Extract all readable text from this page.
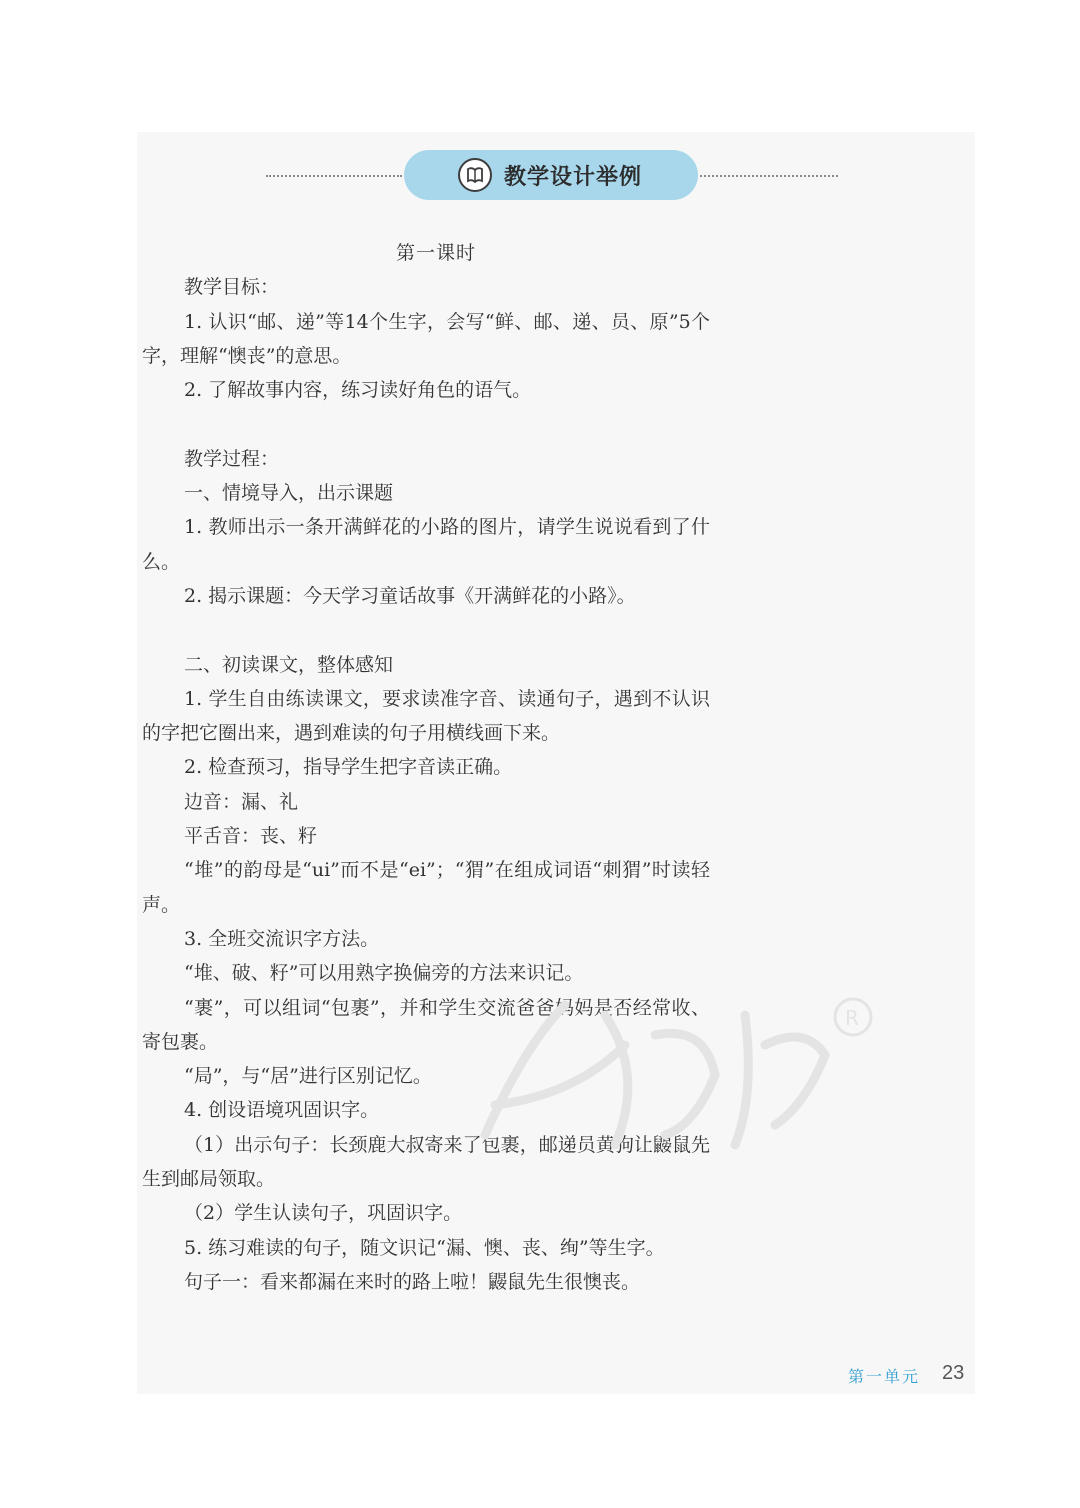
教学设计举例
第一课时

教学目标：

1. 认识“邮、递”等14个生字，会写“鲜、邮、递、员、原”5个字，理解“懊丧”的意思。

2. 了解故事内容，练习读好角色的语气。

教学过程：

一、情境导入，出示课题

1. 教师出示一条开满鲜花的小路的图片，请学生说说看到了什么。

2. 揭示课题：今天学习童话故事《开满鲜花的小路》。

二、初读课文，整体感知

1. 学生自由练读课文，要求读准字音、读通句子，遇到不认识的字把它圈出来，遇到难读的句子用横线画下来。

2. 检查预习，指导学生把字音读正确。

边音：漏、礼

平舌音：丧、籽

“堆”的韵母是“ui”而不是“ei”；“猬”在组成词语“刺猬”时读轻声。

3. 全班交流识字方法。

“堆、破、籽”可以用熟字换偏旁的方法来识记。

“裹”，可以组词“包裹”，并和学生交流爸爸妈妈是否经常收、寄包裹。

“局”，与“居”进行区别记忆。

4. 创设语境巩固识字。

（1）出示句子：长颈鹿大叔寄来了包裹，邮递员黄狗让鼹鼠先生到邮局领取。

（2）学生认读句子，巩固识字。

5. 练习难读的句子，随文识记“漏、懊、丧、绚”等生字。

句子一：看来都漏在来时的路上啦！鼹鼠先生很懊丧。

R
第一单元 23
